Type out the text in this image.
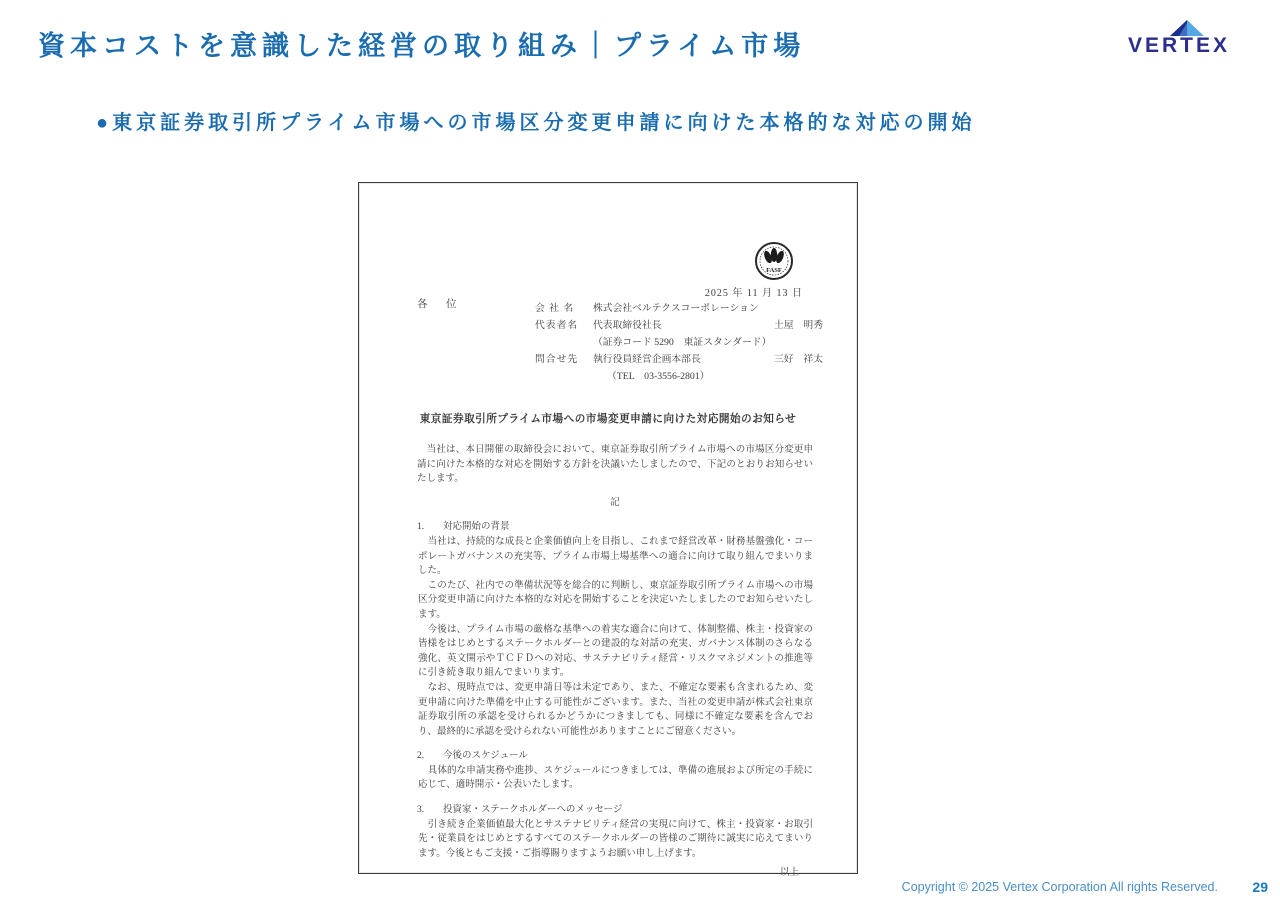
資本コストを意識した経営の取り組み｜プライム市場
●東京証券取引所プライム市場への市場区分変更申請に向けた本格的な対応の開始
VERTEX
FASF
2025 年 11 月 13 日
各　位	会 社 名	株式会社ベルテクスコーポレーション
代表者名	代表取締役社長	土屋　明秀
（証券コード 5290　東証スタンダード）
問合せ先	執行役員経営企画本部長	三好　祥太
（TEL　03-3556-2801）
東京証券取引所プライム市場への市場変更申請に向けた対応開始のお知らせ

　当社は、本日開催の取締役会において、東京証券取引所プライム市場への市場区分変更申請に向けた本格的な対応を開始する方針を決議いたしましたので、下記のとおりお知らせいたします。

記
1.	対応開始の背景

　当社は、持続的な成長と企業価値向上を目指し、これまで経営改革・財務基盤強化・コーポレートガバナンスの充実等、プライム市場上場基準への適合に向けて取り組んでまいりました。

　このたび、社内での準備状況等を総合的に判断し、東京証券取引所プライム市場への市場区分変更申請に向けた本格的な対応を開始することを決定いたしましたのでお知らせいたします。

　今後は、プライム市場の厳格な基準への着実な適合に向けて、体制整備、株主・投資家の皆様をはじめとするステークホルダーとの建設的な対話の充実、ガバナンス体制のさらなる強化、英文開示やＴＣＦＤへの対応、サステナビリティ経営・リスクマネジメントの推進等に引き続き取り組んでまいります。

　なお、現時点では、変更申請日等は未定であり、また、不確定な要素も含まれるため、変更申請に向けた準備を中止する可能性がございます。また、当社の変更申請が株式会社東京証券取引所の承認を受けられるかどうかにつきましても、同様に不確定な要素を含んでおり、最終的に承認を受けられない可能性がありますことにご留意ください。

2.	今後のスケジュール

　具体的な申請実務や進捗、スケジュールにつきましては、準備の進展および所定の手続に応じて、適時開示・公表いたします。

3.	投資家・ステークホルダーへのメッセージ

　引き続き企業価値最大化とサステナビリティ経営の実現に向けて、株主・投資家・お取引先・従業員をはじめとするすべてのステークホルダーの皆様のご期待に誠実に応えてまいります。今後ともご支援・ご指導賜りますようお願い申し上げます。

以上
Copyright © 2025 Vertex Corporation All rights Reserved. 29
